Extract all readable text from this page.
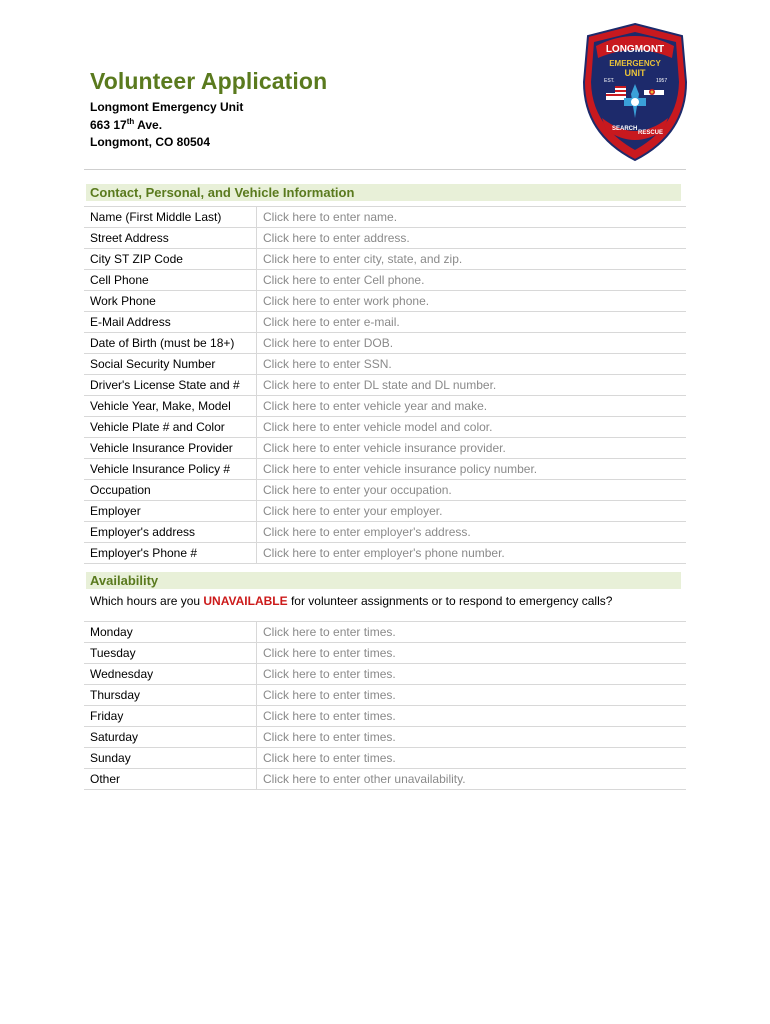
Volunteer Application
Longmont Emergency Unit
663 17th Ave.
Longmont, CO 80504
LONGMONT
EMERGENCY
UNIT
EST.	1957
SEARCH
RESCUE
Contact, Personal, and Vehicle Information
Name (First Middle Last)	Click here to enter name.
Street Address	Click here to enter address.
City ST ZIP Code	Click here to enter city, state, and zip.
Cell Phone	Click here to enter Cell phone.
Work Phone	Click here to enter work phone.
E-Mail Address	Click here to enter e-mail.
Date of Birth (must be 18+)	Click here to enter DOB.
Social Security Number	Click here to enter SSN.
Driver's License State and #	Click here to enter DL state and DL number.
Vehicle Year, Make, Model	Click here to enter vehicle year and make.
Vehicle Plate # and Color	Click here to enter vehicle model and color.
Vehicle Insurance Provider	Click here to enter vehicle insurance provider.
Vehicle Insurance Policy #	Click here to enter vehicle insurance policy number.
Occupation	Click here to enter your occupation.
Employer	Click here to enter your employer.
Employer's address	Click here to enter employer's address.
Employer's Phone #	Click here to enter employer's phone number.
Availability
Which hours are you UNAVAILABLE for volunteer assignments or to respond to emergency calls?
Monday	Click here to enter times.
Tuesday	Click here to enter times.
Wednesday	Click here to enter times.
Thursday	Click here to enter times.
Friday	Click here to enter times.
Saturday	Click here to enter times.
Sunday	Click here to enter times.
Other	Click here to enter other unavailability.
